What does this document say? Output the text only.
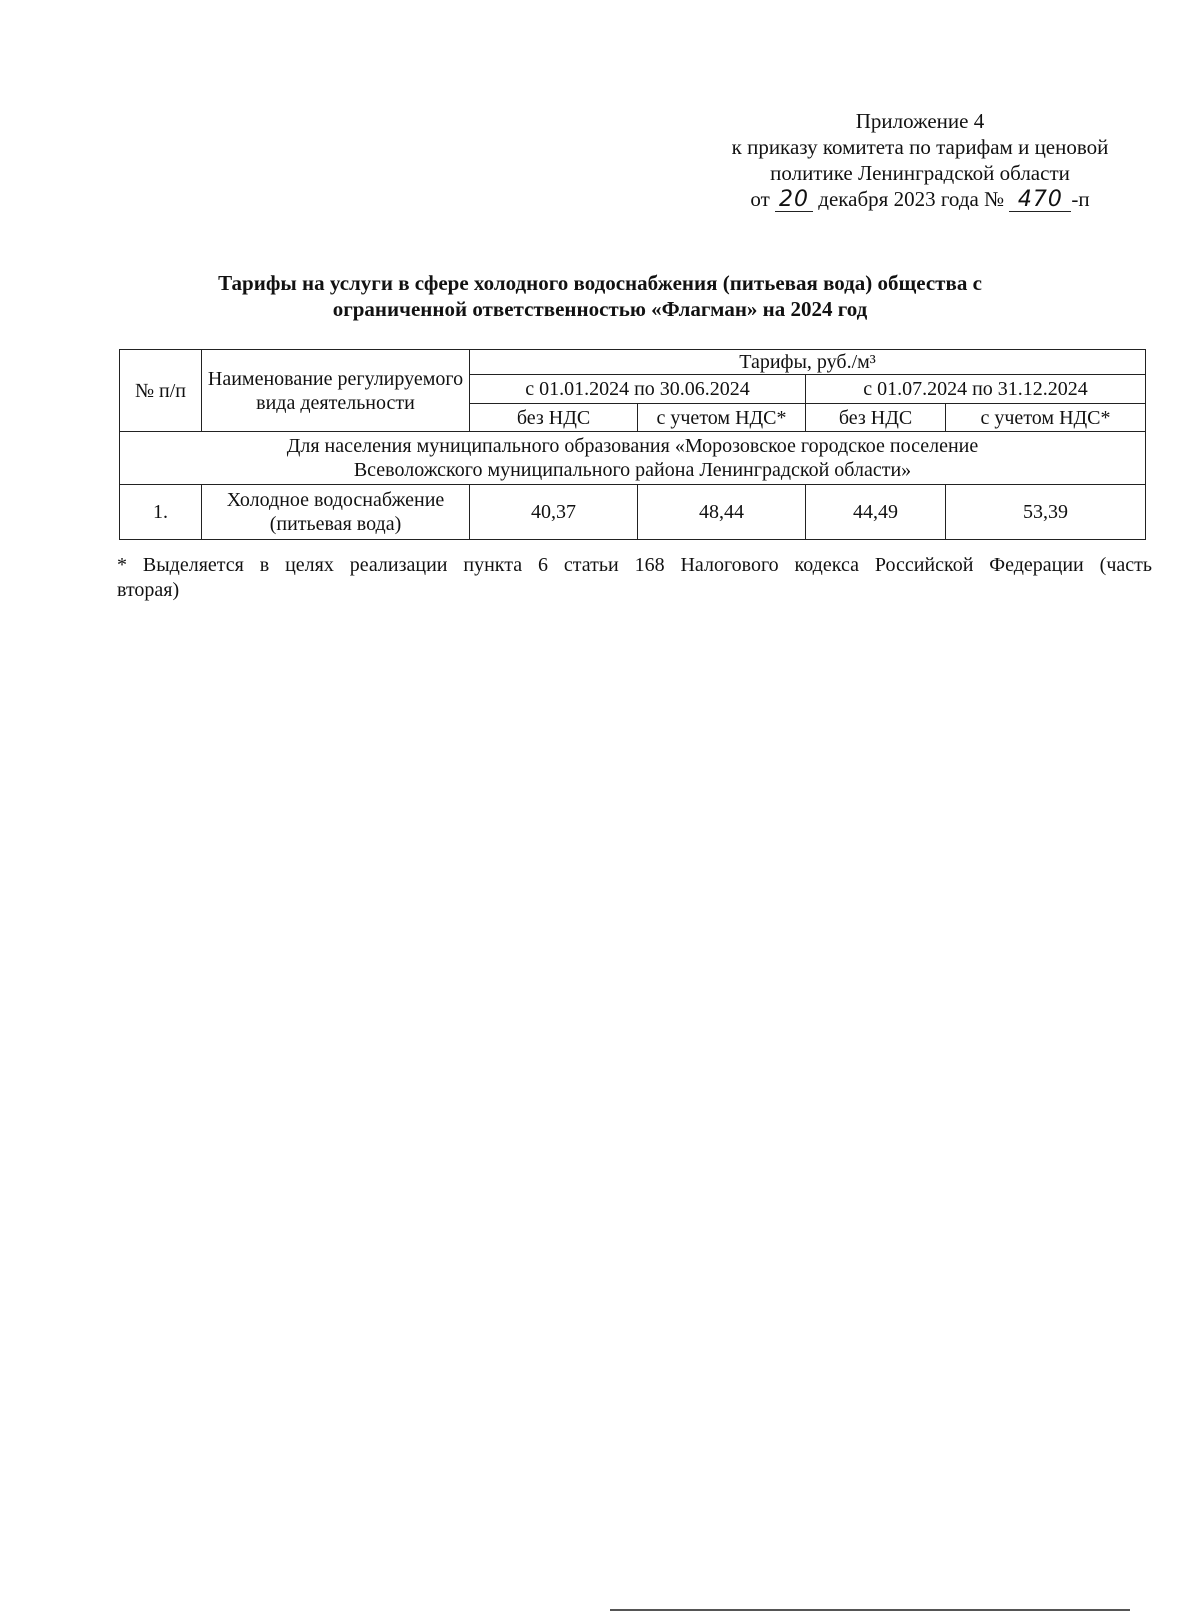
Приложение 4
к приказу комитета по тарифам и ценовой
политике Ленинградской области
от 20 декабря 2023 года № 470 -п
Тарифы на услуги в сфере холодного водоснабжения (питьевая вода) общества с
ограниченной ответственностью «Флагман» на 2024 год
№ п/п	Наименование регулируемого вида деятельности	Тарифы, руб./м³			
		с 01.01.2024 по 30.06.2024		с 01.07.2024 по 31.12.2024	
		без НДС	с учетом НДС*	без НДС	с учетом НДС*

Для населения муниципального образования «Морозовское городское поселение
Всеволожского муниципального района Ленинградской области»					

1.	Холодное водоснабжение (питьевая вода)	40,37	48,44	44,49	53,39
* Выделяется в целях реализации пункта 6 статьи 168 Налогового кодекса Российской Федерации (часть
вторая)
